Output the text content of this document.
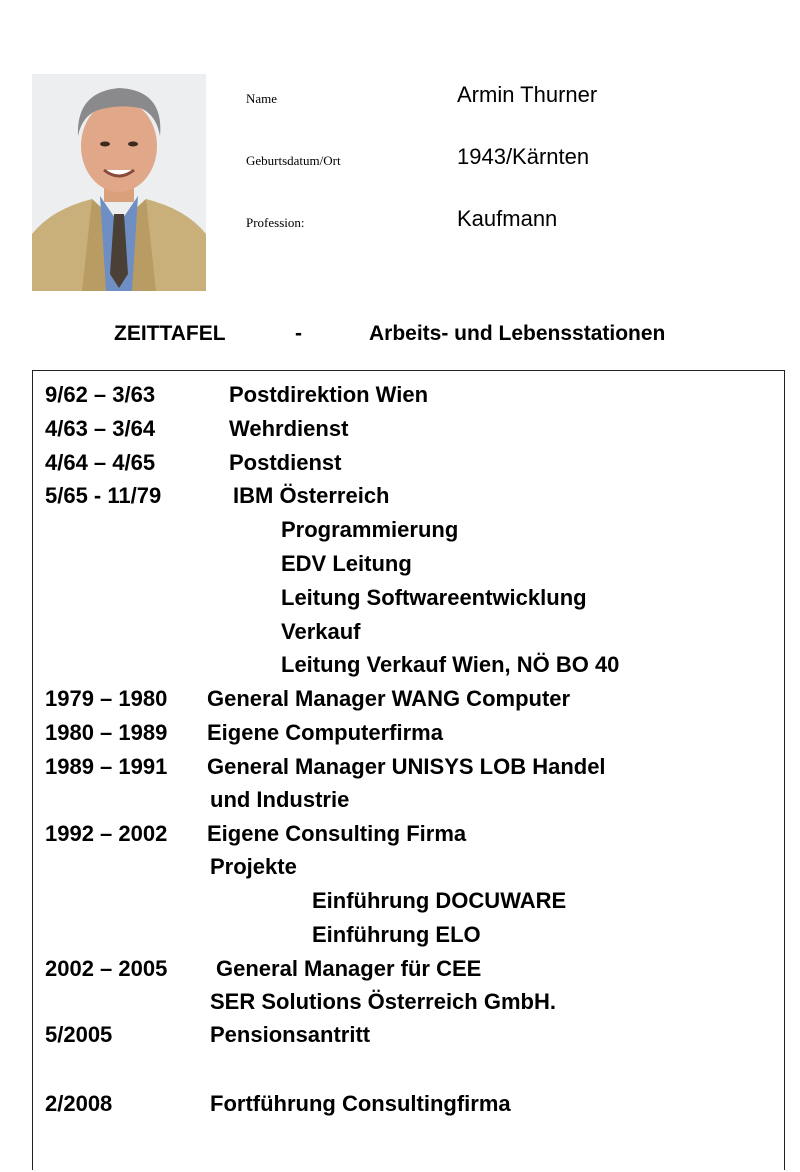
Name	Armin Thurner
Geburtsdatum/Ort	1943/Kärnten
Profession:	Kaufmann
ZEITTAFEL	-	Arbeits- und Lebensstationen
9/62 – 3/63	Postdirektion Wien
4/63 – 3/64	Wehrdienst
4/64 – 4/65	Postdienst
5/65 - 11/79	IBM Österreich
Programmierung
EDV Leitung
Leitung Softwareentwicklung
Verkauf
Leitung Verkauf Wien, NÖ BO 40
1979 – 1980 General Manager WANG Computer
1980 – 1989 Eigene Computerfirma
1989 – 1991 General Manager UNISYS LOB Handel
und Industrie
1992 – 2002 Eigene Consulting Firma
Projekte
Einführung DOCUWARE
Einführung ELO
2002 – 2005 General Manager für CEE
SER Solutions Österreich GmbH.
5/2005	Pensionsantritt
2/2008	Fortführung Consultingfirma
